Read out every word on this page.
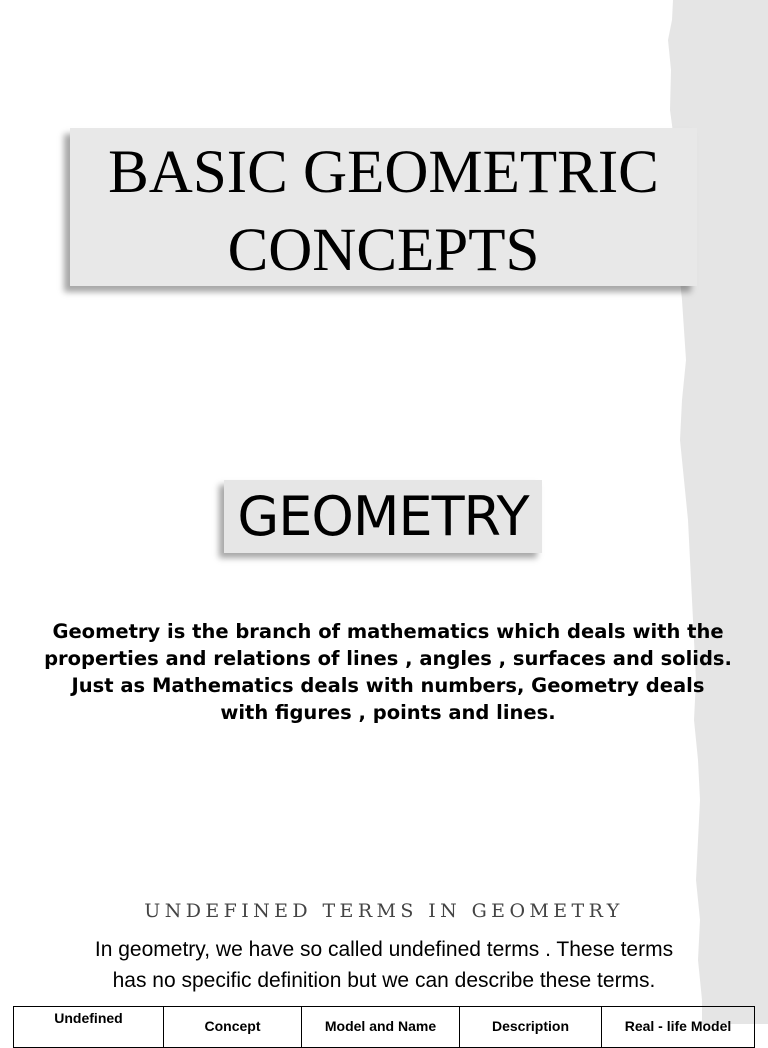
BASIC GEOMETRIC
CONCEPTS
GEOMETRY
Geometry is the branch of mathematics which deals with the
properties and relations of lines , angles , surfaces and solids.
Just as Mathematics deals with numbers, Geometry deals
with figures , points and lines.
UNDEFINED TERMS IN GEOMETRY
In geometry, we have so called undefined terms . These terms
has no specific definition but we can describe these terms.
Undefined	Concept	Model and Name	Description	Real - life Model
